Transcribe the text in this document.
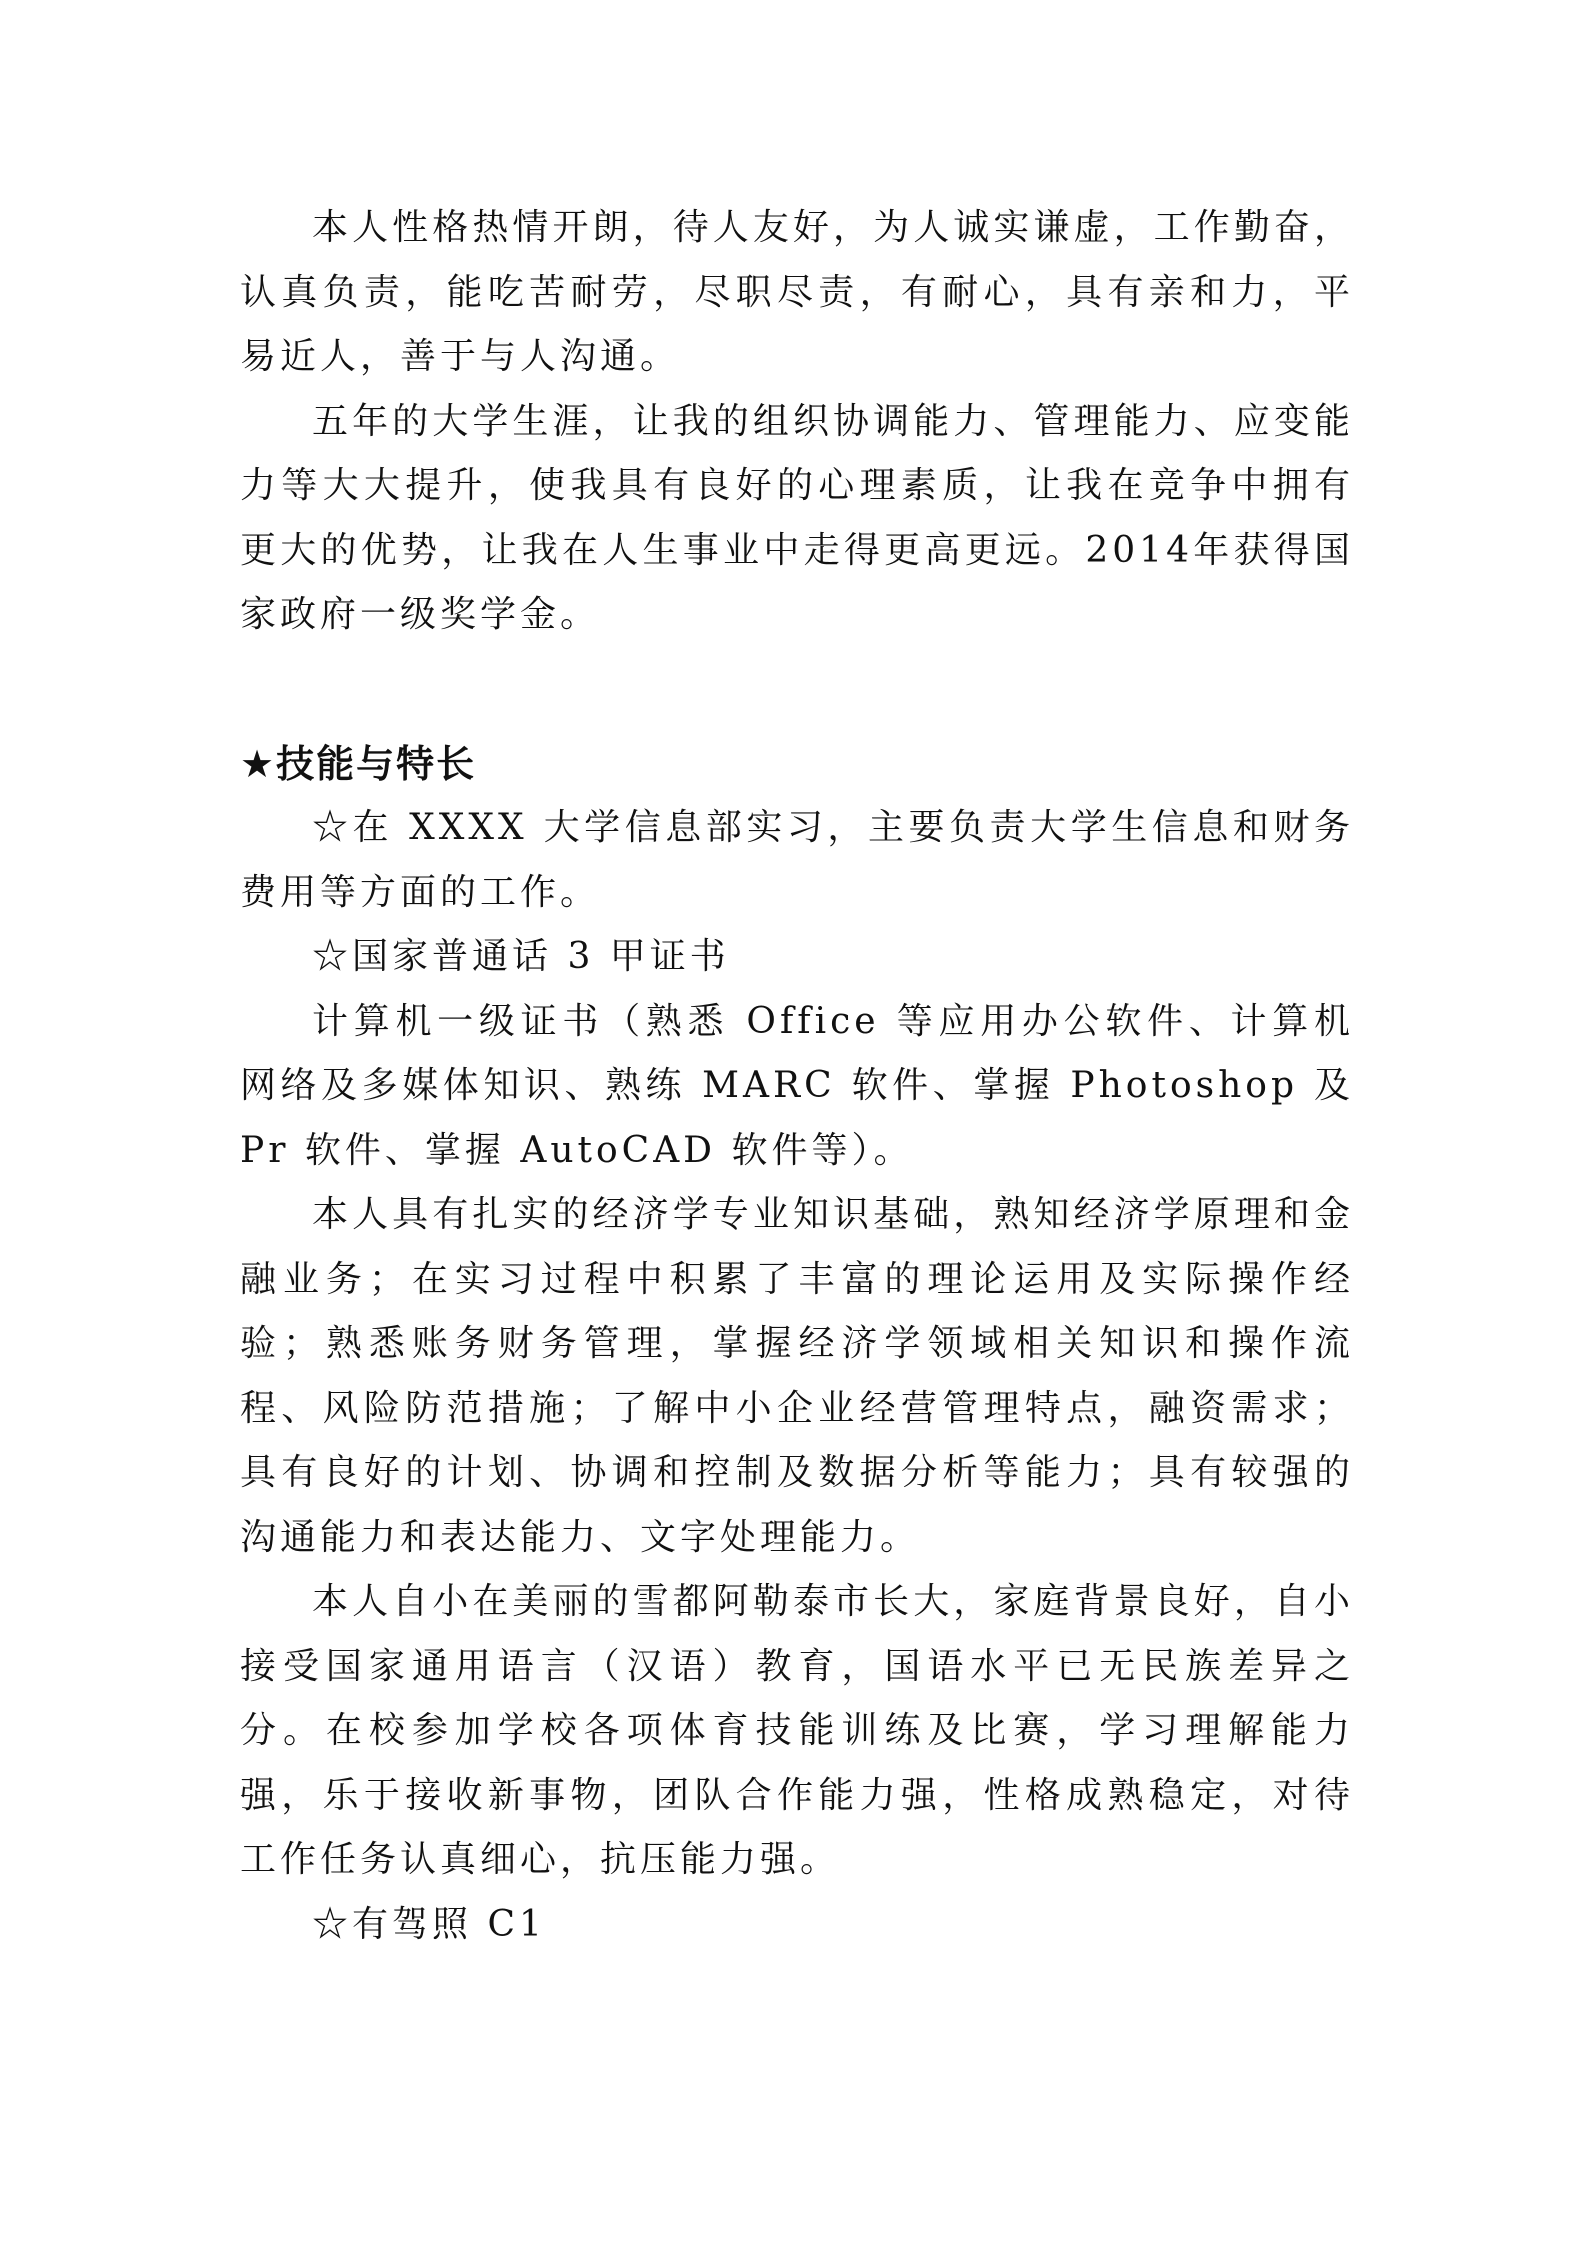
本人性格热情开朗，待人友好，为人诚实谦虚，工作勤奋，认真负责，能吃苦耐劳，尽职尽责，有耐心，具有亲和力，平易近人，善于与人沟通。

五年的大学生涯，让我的组织协调能力、管理能力、应变能力等大大提升，使我具有良好的心理素质，让我在竞争中拥有更大的优势，让我在人生事业中走得更高更远。2014年获得国家政府一级奖学金。

★技能与特长

☆在 XXXX 大学信息部实习，主要负责大学生信息和财务费用等方面的工作。

☆国家普通话 3 甲证书

计算机一级证书（熟悉 Office 等应用办公软件、计算机网络及多媒体知识、熟练 MARC 软件、掌握 Photoshop 及 Pr 软件、掌握 AutoCAD 软件等）。

本人具有扎实的经济学专业知识基础，熟知经济学原理和金融业务；在实习过程中积累了丰富的理论运用及实际操作经验；熟悉账务财务管理，掌握经济学领域相关知识和操作流程、风险防范措施；了解中小企业经营管理特点，融资需求；具有良好的计划、协调和控制及数据分析等能力；具有较强的沟通能力和表达能力、文字处理能力。

本人自小在美丽的雪都阿勒泰市长大，家庭背景良好，自小接受国家通用语言（汉语）教育，国语水平已无民族差异之分。在校参加学校各项体育技能训练及比赛，学习理解能力强，乐于接收新事物，团队合作能力强，性格成熟稳定，对待工作任务认真细心，抗压能力强。

☆有驾照 C1
